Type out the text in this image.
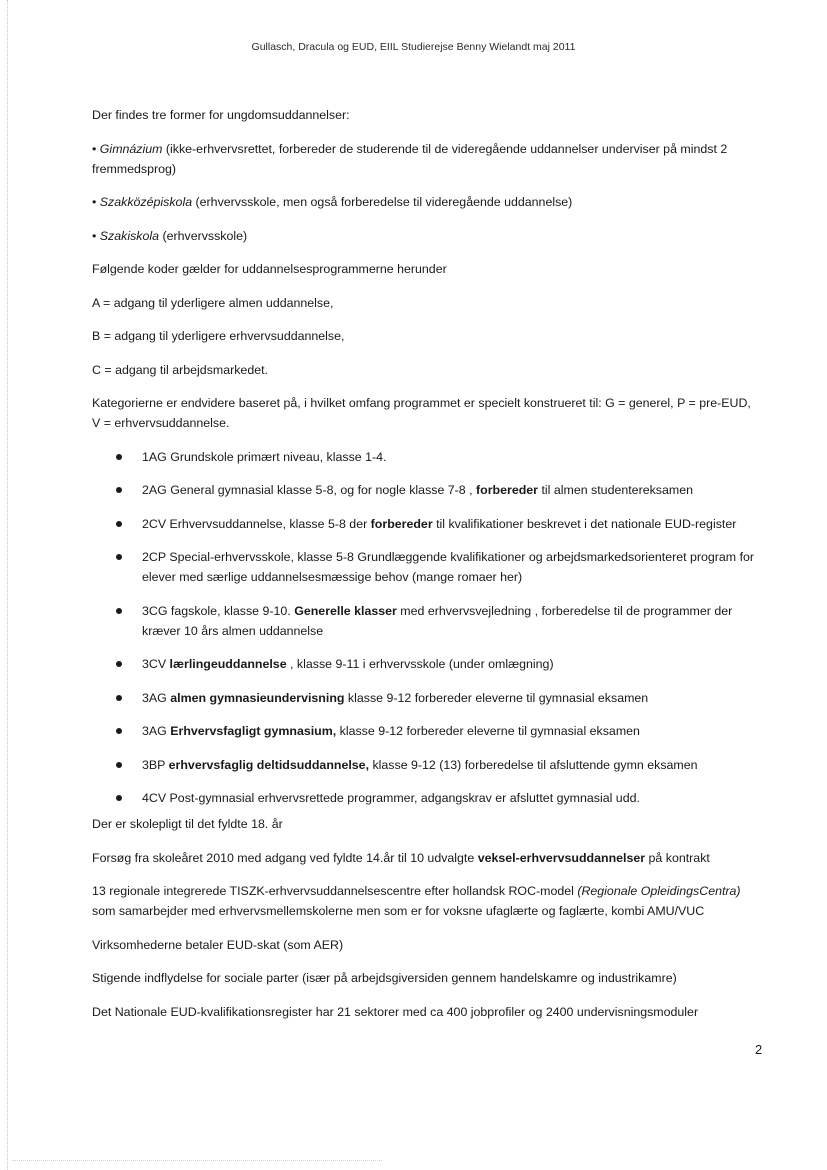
Gullasch, Dracula og EUD, EIIL Studierejse Benny Wielandt maj 2011

Der findes tre former for ungdomsuddannelser:

• Gimnázium (ikke-erhvervsrettet, forbereder de studerende til de videregående uddannelser underviser på mindst 2 fremmedsprog)

• Szakközépiskola (erhvervsskole, men også forberedelse til videregående uddannelse)

• Szakiskola (erhvervsskole)

Følgende koder gælder for uddannelsesprogrammerne herunder

A = adgang til yderligere almen uddannelse,

B = adgang til yderligere erhvervsuddannelse,

C = adgang til arbejdsmarkedet.

Kategorierne er endvidere baseret på, i hvilket omfang programmet er specielt konstrueret til: G = generel, P = pre-EUD, V = erhvervsuddannelse.

1AG Grundskole primært niveau, klasse 1-4.
2AG General gymnasial klasse 5-8, og for nogle klasse 7-8 , forbereder til almen studentereksamen
2CV Erhvervsuddannelse, klasse 5-8 der forbereder til kvalifikationer beskrevet i det nationale EUD-register
2CP Special-erhvervsskole, klasse 5-8 Grundlæggende kvalifikationer og arbejdsmarkedsorienteret program for elever med særlige uddannelsesmæssige behov (mange romaer her)
3CG fagskole, klasse 9-10. Generelle klasser med erhvervsvejledning , forberedelse til de programmer der kræver 10 års almen uddannelse
3CV lærlingeuddannelse , klasse 9-11 i erhvervsskole (under omlægning)
3AG almen gymnasieundervisning klasse 9-12 forbereder eleverne til gymnasial eksamen
3AG Erhvervsfagligt gymnasium, klasse 9-12 forbereder eleverne til gymnasial eksamen
3BP erhvervsfaglig deltidsuddannelse, klasse 9-12 (13) forberedelse til afsluttende gymn eksamen
4CV Post-gymnasial erhvervsrettede programmer, adgangskrav er afsluttet gymnasial udd.

Der er skolepligt til det fyldte 18. år

Forsøg fra skoleåret 2010 med adgang ved fyldte 14.år til 10 udvalgte veksel-erhvervsuddannelser på kontrakt

13 regionale integrerede TISZK-erhvervsuddannelsescentre efter hollandsk ROC-model (Regionale OpleidingsCentra) som samarbejder med erhvervsmellemskolerne men som er for voksne ufaglærte og faglærte, kombi AMU/VUC

Virksomhederne betaler EUD-skat (som AER)

Stigende indflydelse for sociale parter (især på arbejdsgiversiden gennem handelskamre og industrikamre)

Det Nationale EUD-kvalifikationsregister har 21 sektorer med ca 400 jobprofiler og 2400 undervisningsmoduler

2
